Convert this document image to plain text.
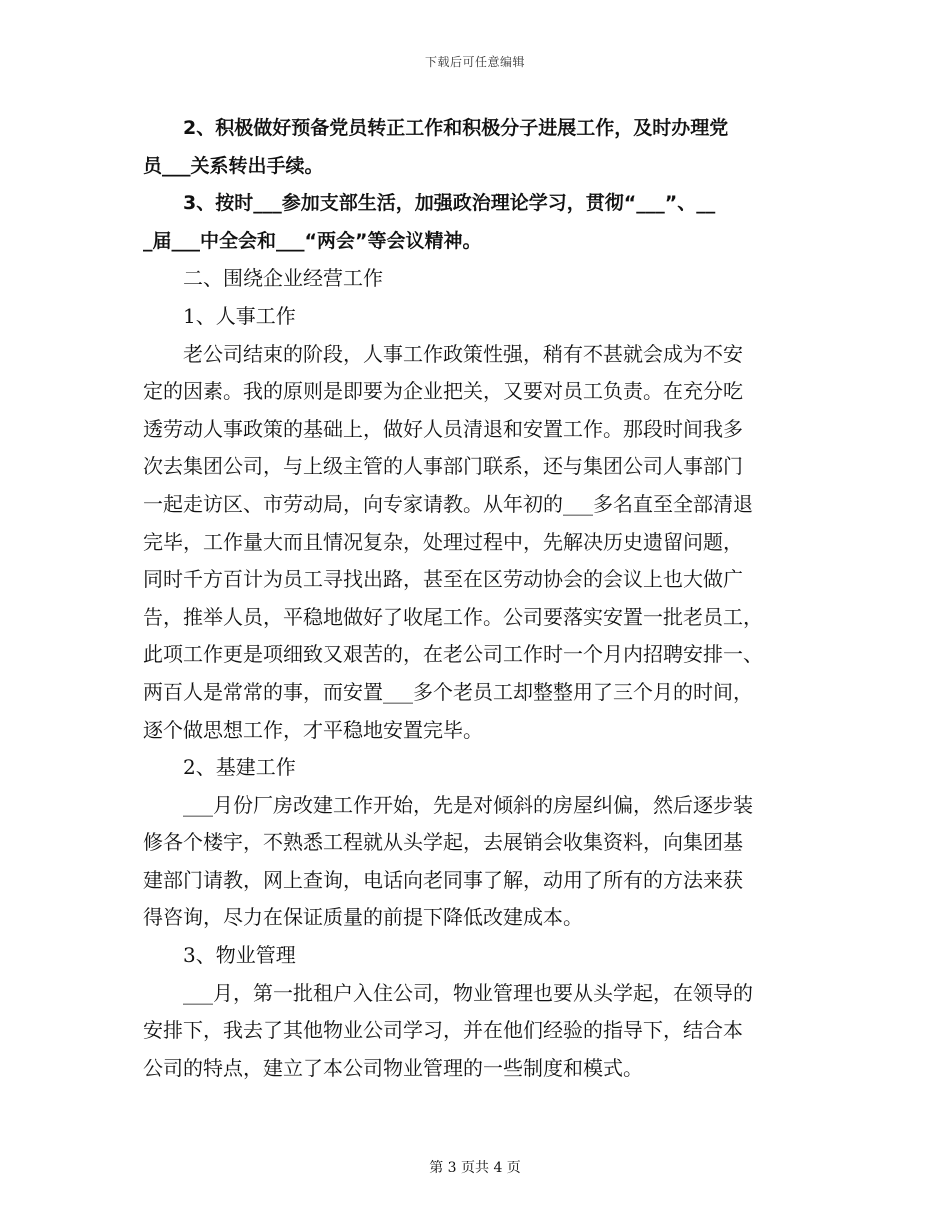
下载后可任意编辑
2、积极做好预备党员转正工作和积极分子进展工作，及时办理党
员___关系转出手续。
3、按时___参加支部生活，加强政治理论学习，贯彻“___”、__
_届___中全会和___“两会”等会议精神。
二、围绕企业经营工作
1、人事工作
老公司结束的阶段，人事工作政策性强，稍有不甚就会成为不安
定的因素。我的原则是即要为企业把关，又要对员工负责。在充分吃
透劳动人事政策的基础上，做好人员清退和安置工作。那段时间我多
次去集团公司，与上级主管的人事部门联系，还与集团公司人事部门
一起走访区、市劳动局，向专家请教。从年初的___多名直至全部清退
完毕，工作量大而且情况复杂，处理过程中，先解决历史遗留问题，
同时千方百计为员工寻找出路，甚至在区劳动协会的会议上也大做广
告，推举人员，平稳地做好了收尾工作。公司要落实安置一批老员工，
此项工作更是项细致又艰苦的，在老公司工作时一个月内招聘安排一、
两百人是常常的事，而安置___多个老员工却整整用了三个月的时间，
逐个做思想工作，才平稳地安置完毕。
2、基建工作
___月份厂房改建工作开始，先是对倾斜的房屋纠偏，然后逐步装
修各个楼宇，不熟悉工程就从头学起，去展销会收集资料，向集团基
建部门请教，网上查询，电话向老同事了解，动用了所有的方法来获
得咨询，尽力在保证质量的前提下降低改建成本。
3、物业管理
___月，第一批租户入住公司，物业管理也要从头学起，在领导的
安排下，我去了其他物业公司学习，并在他们经验的指导下，结合本
公司的特点，建立了本公司物业管理的一些制度和模式。
第 3 页共 4 页
